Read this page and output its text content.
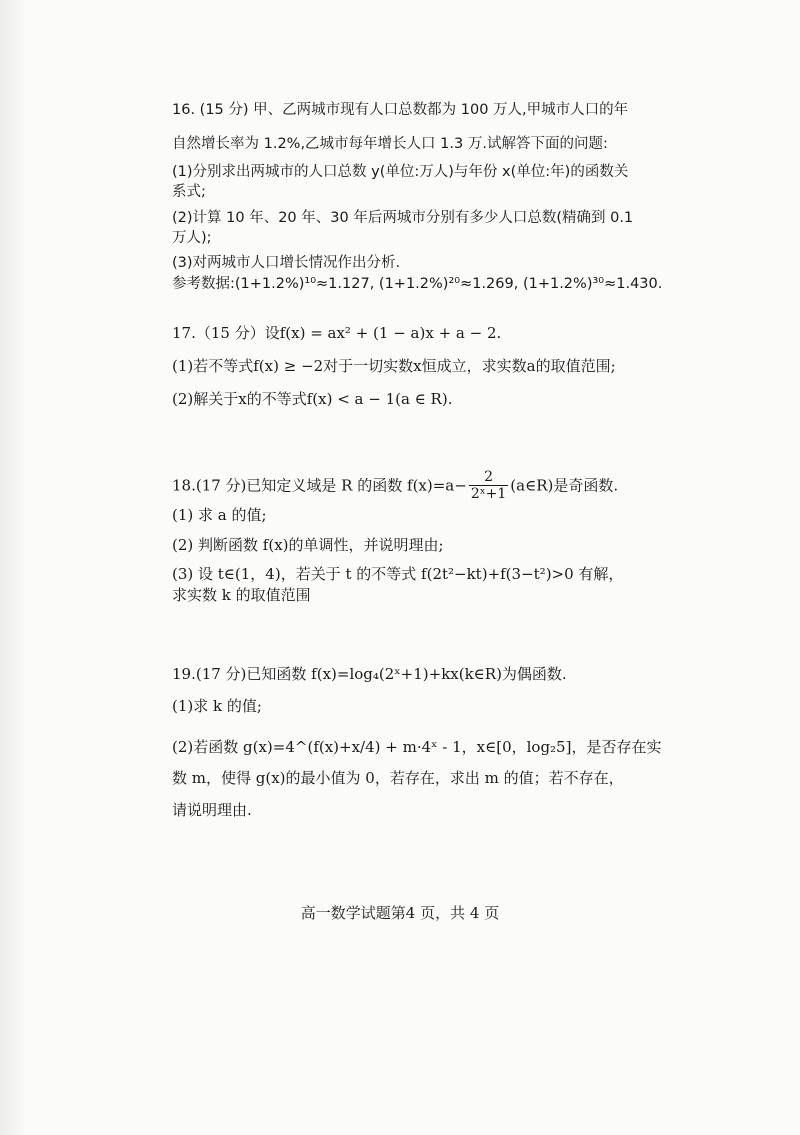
16. (15 分) 甲、乙两城市现有人口总数都为 100 万人,甲城市人口的年
自然增长率为 1.2%,乙城市每年增长人口 1.3 万.试解答下面的问题:
(1)分别求出两城市的人口总数 y(单位:万人)与年份 x(单位:年)的函数关
系式;
(2)计算 10 年、20 年、30 年后两城市分别有多少人口总数(精确到 0.1
万人);
(3)对两城市人口增长情况作出分析.
参考数据:(1+1.2%)¹⁰≈1.127, (1+1.2%)²⁰≈1.269, (1+1.2%)³⁰≈1.430.
17.（15 分）设f(x) = ax² + (1 − a)x + a − 2.
(1)若不等式f(x) ≥ −2对于一切实数x恒成立，求实数a的取值范围;
(2)解关于x的不等式f(x) < a − 1(a ∈ R).
18.(17 分)已知定义域是 R 的函数 $f(x)=a- \frac{2}{\text{2ˣ+1}}$ (a∈R)是奇函数.
(1) 求 a 的值;
(2) 判断函数 f(x)的单调性，并说明理由;
(3) 设 t∈(1，4)，若关于 t 的不等式 f(2t²−kt)+f(3−t²)>0 有解，
求实数 k 的取值范围
19.(17 分)已知函数 f(x)=log₄(2ˣ+1)+kx(k∈R)为偶函数.
(1)求 k 的值;
(2)若函数 g(x)=4^(f(x)+x/4) + m·4ˣ - 1，x∈[0，log₂5]，是否存在实
数 m，使得 g(x)的最小值为 0，若存在，求出 m 的值；若不存在，
请说明理由.
高一数学试题第4 页，共 4 页
